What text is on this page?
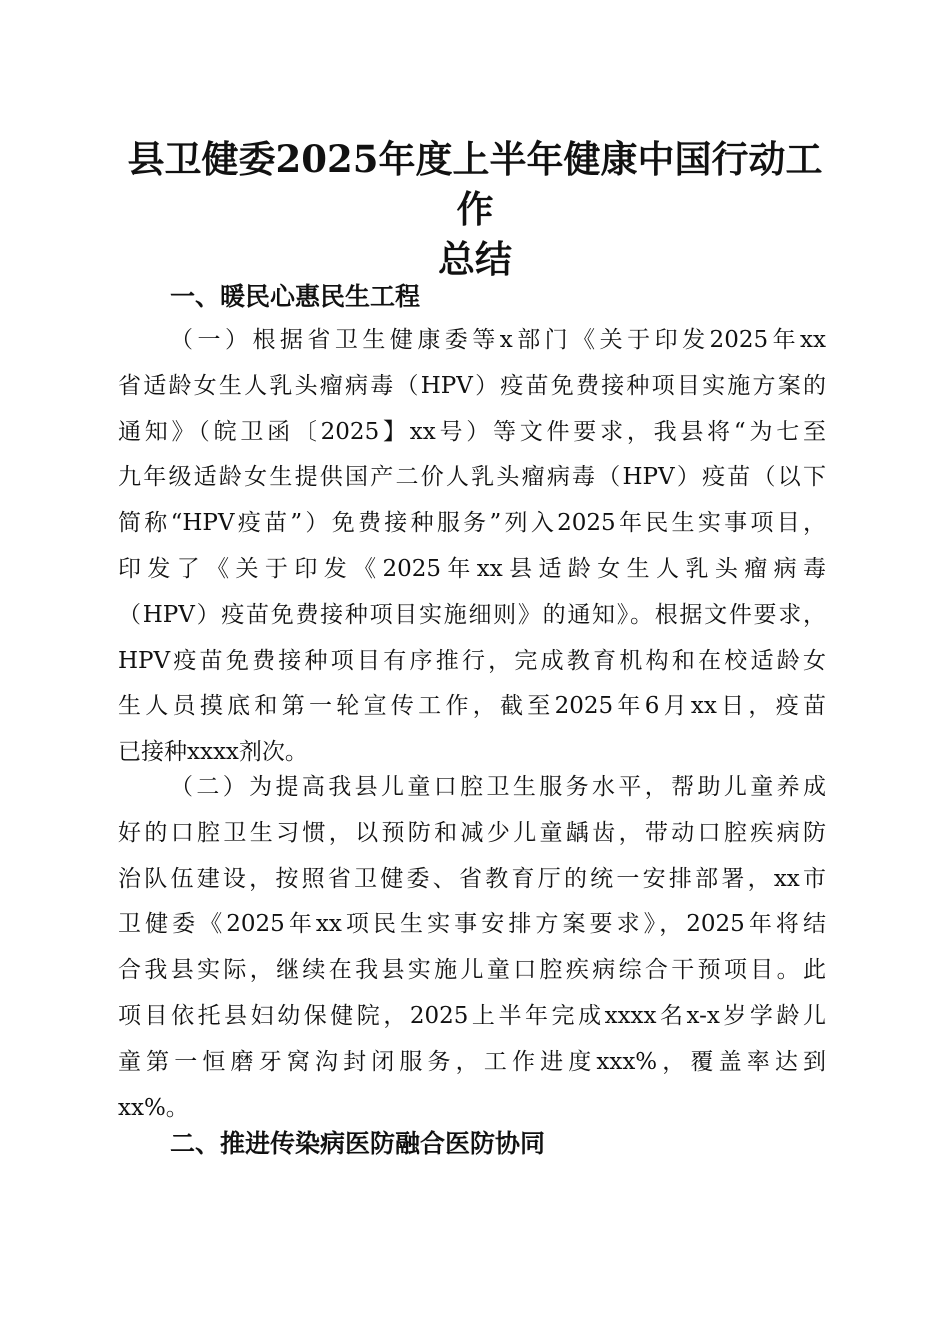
县卫健委2025年度上半年健康中国行动工作
总结
一、暖民心惠民生工程
（一）根据省卫生健康委等x部门《关于印发2025年xx
省适龄女生人乳头瘤病毒（HPV）疫苗免费接种项目实施方案的
通知》（皖卫函〔2025】xx号）等文件要求，我县将“为七至
九年级适龄女生提供国产二价人乳头瘤病毒（HPV）疫苗（以下
简称“HPV疫苗”）免费接种服务”列入2025年民生实事项目，
印发了《关于印发《2025年xx县适龄女生人乳头瘤病毒
（HPV）疫苗免费接种项目实施细则》的通知》。根据文件要求，
HPV疫苗免费接种项目有序推行，完成教育机构和在校适龄女
生人员摸底和第一轮宣传工作，截至2025年6月xx日，疫苗
已接种xxxx剂次。
（二）为提高我县儿童口腔卫生服务水平，帮助儿童养成
好的口腔卫生习惯，以预防和减少儿童龋齿，带动口腔疾病防
治队伍建设，按照省卫健委、省教育厅的统一安排部署，xx市
卫健委《2025年xx项民生实事安排方案要求》，2025年将结
合我县实际，继续在我县实施儿童口腔疾病综合干预项目。此
项目依托县妇幼保健院，2025上半年完成xxxx名x-x岁学龄儿
童第一恒磨牙窝沟封闭服务，工作进度xxx%，覆盖率达到
xx%。
二、推进传染病医防融合医防协同
